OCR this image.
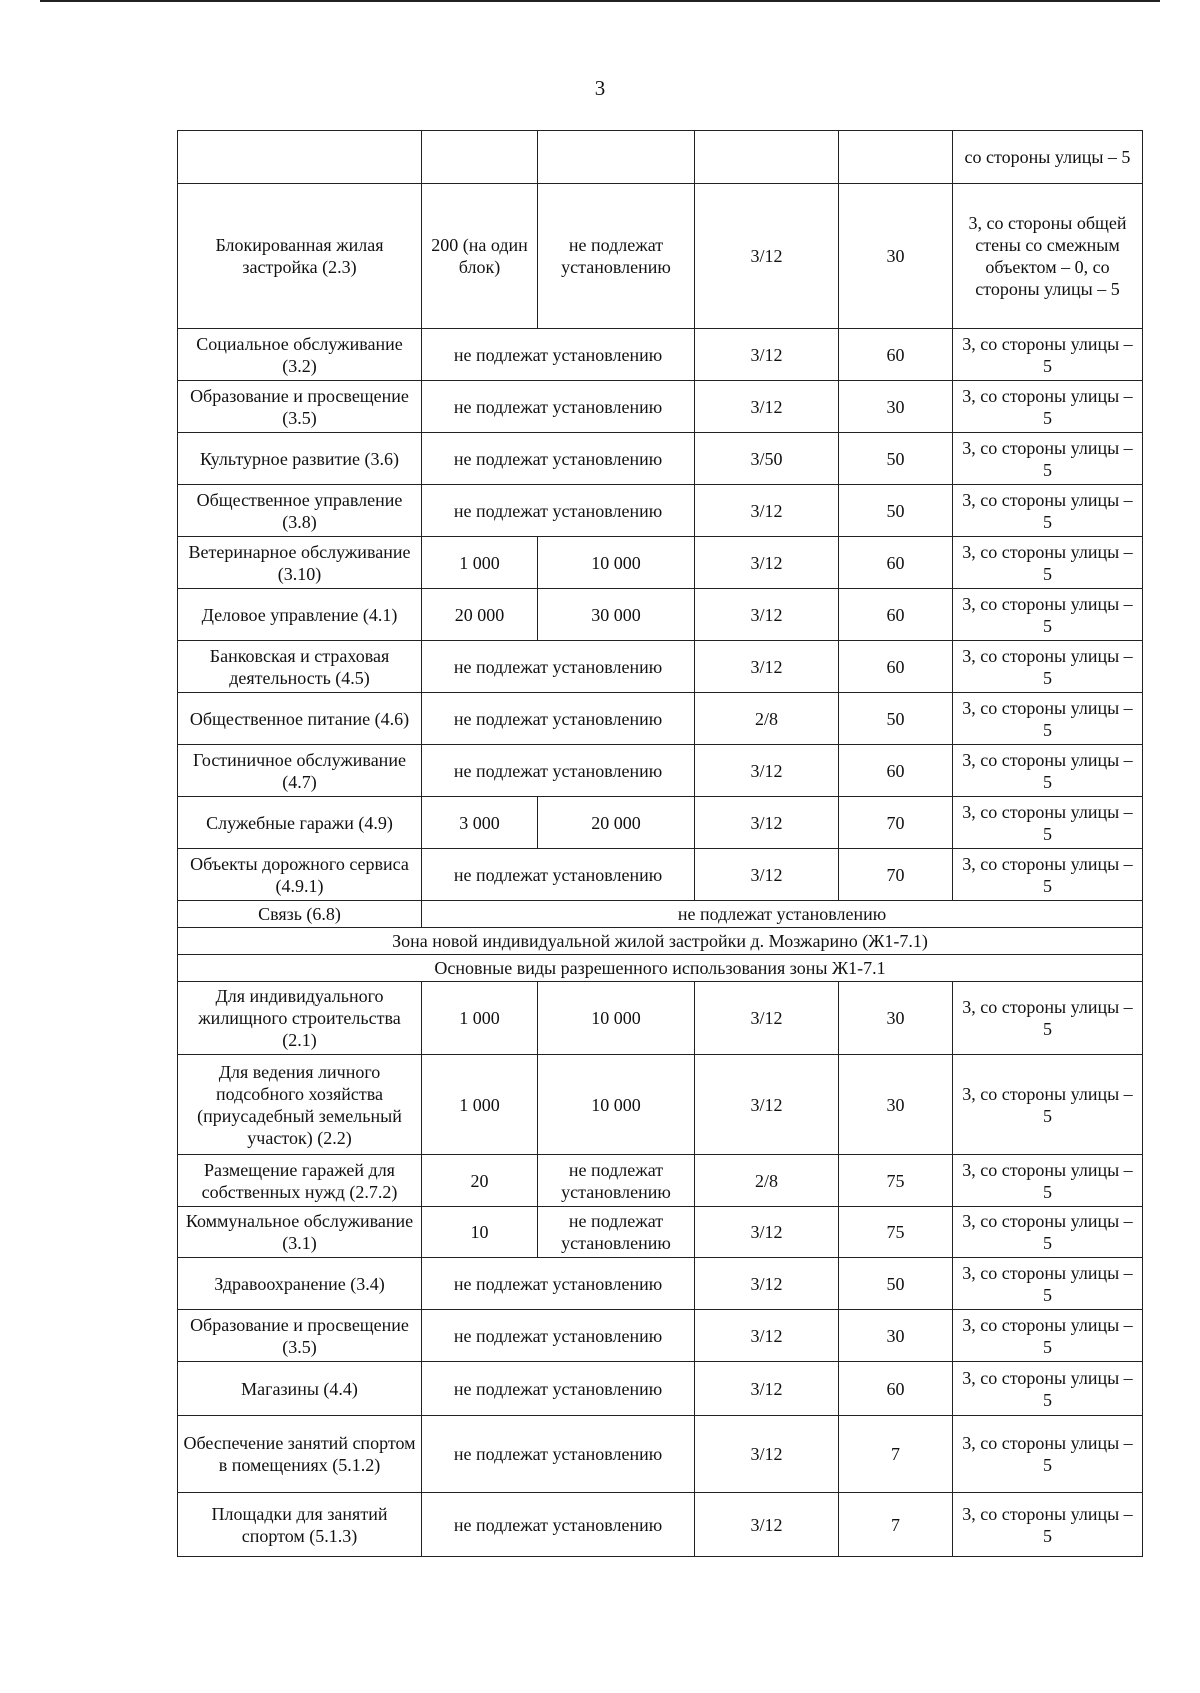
3
					со стороны улицы – 5
Блокированная жилая застройка (2.3)	200 (на один блок)	не подлежат установлению	3/12	30	3, со стороны общей стены со смежным объектом – 0, со стороны улицы – 5
Социальное обслуживание (3.2)	не подлежат установлению		3/12	60	3, со стороны улицы – 5
Образование и просвещение (3.5)	не подлежат установлению		3/12	30	3, со стороны улицы – 5
Культурное развитие (3.6)	не подлежат установлению		3/50	50	3, со стороны улицы – 5
Общественное управление (3.8)	не подлежат установлению		3/12	50	3, со стороны улицы – 5
Ветеринарное обслуживание (3.10)	1 000	10 000	3/12	60	3, со стороны улицы – 5
Деловое управление (4.1)	20 000	30 000	3/12	60	3, со стороны улицы – 5
Банковская и страховая деятельность (4.5)	не подлежат установлению		3/12	60	3, со стороны улицы – 5
Общественное питание (4.6)	не подлежат установлению		2/8	50	3, со стороны улицы – 5
Гостиничное обслуживание (4.7)	не подлежат установлению		3/12	60	3, со стороны улицы – 5
Служебные гаражи (4.9)	3 000	20 000	3/12	70	3, со стороны улицы – 5
Объекты дорожного сервиса (4.9.1)	не подлежат установлению		3/12	70	3, со стороны улицы – 5
Связь (6.8)	не подлежат установлению				
Зона новой индивидуальной жилой застройки д. Мозжарино (Ж1-7.1)					
Основные виды разрешенного использования зоны Ж1-7.1					
Для индивидуального жилищного строительства (2.1)	1 000	10 000	3/12	30	3, со стороны улицы – 5
Для ведения личного подсобного хозяйства (приусадебный земельный участок) (2.2)	1 000	10 000	3/12	30	3, со стороны улицы – 5
Размещение гаражей для собственных нужд (2.7.2)	20	не подлежат установлению	2/8	75	3, со стороны улицы – 5
Коммунальное обслуживание (3.1)	10	не подлежат установлению	3/12	75	3, со стороны улицы – 5
Здравоохранение (3.4)	не подлежат установлению		3/12	50	3, со стороны улицы – 5
Образование и просвещение (3.5)	не подлежат установлению		3/12	30	3, со стороны улицы – 5
Магазины (4.4)	не подлежат установлению		3/12	60	3, со стороны улицы – 5
Обеспечение занятий спортом в помещениях (5.1.2)	не подлежат установлению		3/12	7	3, со стороны улицы – 5
Площадки для занятий спортом (5.1.3)	не подлежат установлению		3/12	7	3, со стороны улицы – 5
